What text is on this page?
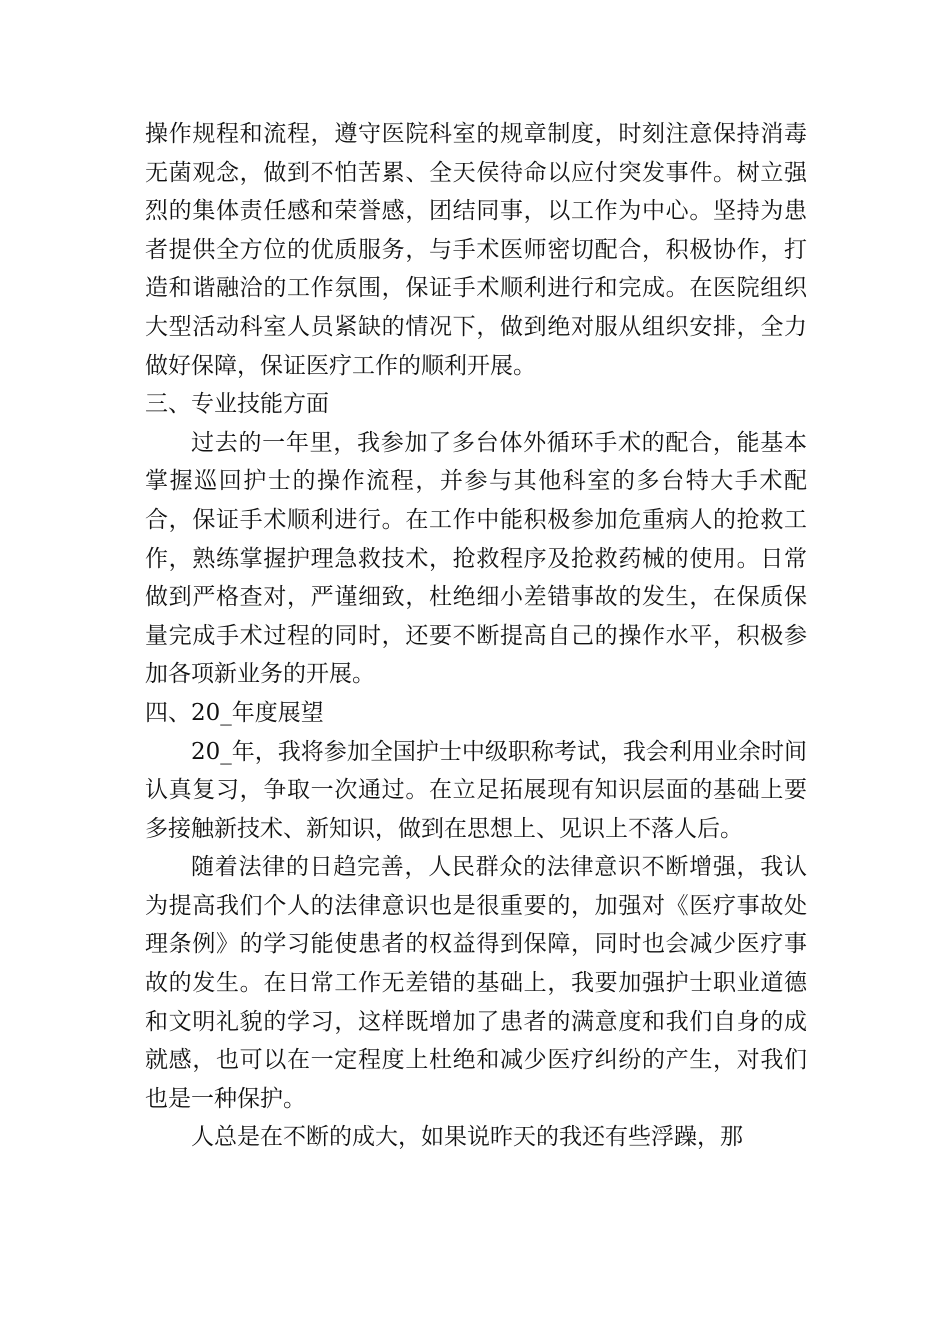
操作规程和流程，遵守医院科室的规章制度，时刻注意保持消毒无菌观念，做到不怕苦累、全天侯待命以应付突发事件。树立强烈的集体责任感和荣誉感，团结同事，以工作为中心。坚持为患者提供全方位的优质服务，与手术医师密切配合，积极协作，打造和谐融洽的工作氛围，保证手术顺利进行和完成。在医院组织大型活动科室人员紧缺的情况下，做到绝对服从组织安排，全力做好保障，保证医疗工作的顺利开展。

三、专业技能方面

过去的一年里，我参加了多台体外循环手术的配合，能基本掌握巡回护士的操作流程，并参与其他科室的多台特大手术配合，保证手术顺利进行。在工作中能积极参加危重病人的抢救工作，熟练掌握护理急救技术，抢救程序及抢救药械的使用。日常做到严格查对，严谨细致，杜绝细小差错事故的发生，在保质保量完成手术过程的同时，还要不断提高自己的操作水平，积极参加各项新业务的开展。

四、20_年度展望

20_年，我将参加全国护士中级职称考试，我会利用业余时间认真复习，争取一次通过。在立足拓展现有知识层面的基础上要多接触新技术、新知识，做到在思想上、见识上不落人后。

随着法律的日趋完善，人民群众的法律意识不断增强，我认为提高我们个人的法律意识也是很重要的，加强对《医疗事故处理条例》的学习能使患者的权益得到保障，同时也会减少医疗事故的发生。在日常工作无差错的基础上，我要加强护士职业道德和文明礼貌的学习，这样既增加了患者的满意度和我们自身的成就感，也可以在一定程度上杜绝和减少医疗纠纷的产生，对我们也是一种保护。

人总是在不断的成大，如果说昨天的我还有些浮躁，那
